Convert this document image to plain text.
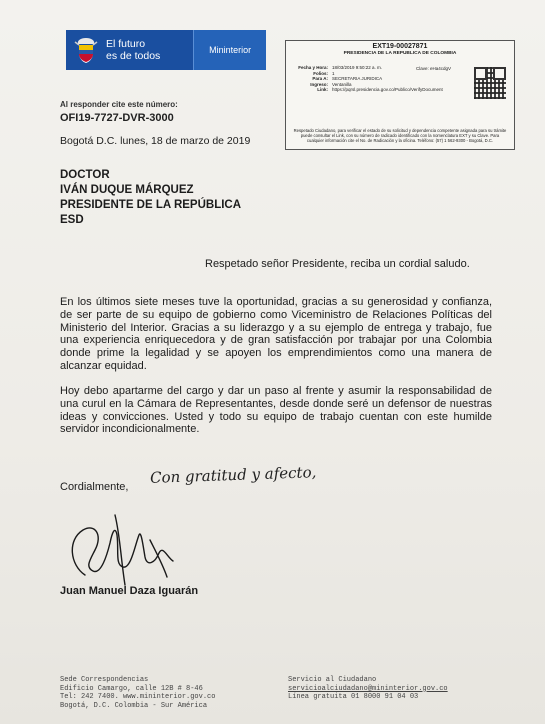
El futuro
es de todos	Mininterior	EXT19-00027871
PRESIDENCIA DE LA REPUBLICA DE COLOMBIA
Fecha y Hora: 18/03/2019 9:50:22 a. m.
Folios: 1
Para A: SECRETARIA JURIDICA
Ingreso: Ventanilla
Link: https://pqrsl.presidencia.gov.co/Publico/VerifyDocument
Clave: eHa4cdgV
Respetado Ciudadano, para verificar el estado de su solicitud y dependencia competente asignada para su trámite puede consultar el Link, con su número de radicado identificado con la nomenclatura EXT y su Clave. Para cualquier información cite el No. de Radicación y la oficina. Teléfono: (57) 1 562-9300 - Bogotá, D.C.
Al responder cite este número:
OFI19-7727-DVR-3000
Bogotá D.C. lunes, 18 de marzo de 2019
DOCTOR
IVÁN DUQUE MÁRQUEZ
PRESIDENTE DE LA REPÚBLICA
ESD
Respetado señor Presidente, reciba un cordial saludo.
En los últimos siete meses tuve la oportunidad, gracias a su generosidad y confianza, de ser parte de su equipo de gobierno como Viceministro de Relaciones Políticas del Ministerio del Interior. Gracias a su liderazgo y a su ejemplo de entrega y trabajo, fue una experiencia enriquecedora y de gran satisfacción por trabajar por una Colombia donde prime la legalidad y se apoyen los emprendimientos como una manera de alcanzar equidad.
Hoy debo apartarme del cargo y dar un paso al frente y asumir la responsabilidad de una curul en la Cámara de Representantes, desde donde seré un defensor de nuestras ideas y convicciones. Usted y todo su equipo de trabajo cuentan con este humilde servidor incondicionalmente.
Cordialmente,
Con gratitud y afecto,
Juan Manuel Daza Iguarán
Sede Correspondencias
Edificio Camargo, calle 12B # 8-46
Tel: 242 7400. www.mininterior.gov.co
Bogotá, D.C. Colombia - Sur América
Servicio al Ciudadano
servicioalciudadano@mininterior.gov.co
Línea gratuita 01 8000 91 04 03
